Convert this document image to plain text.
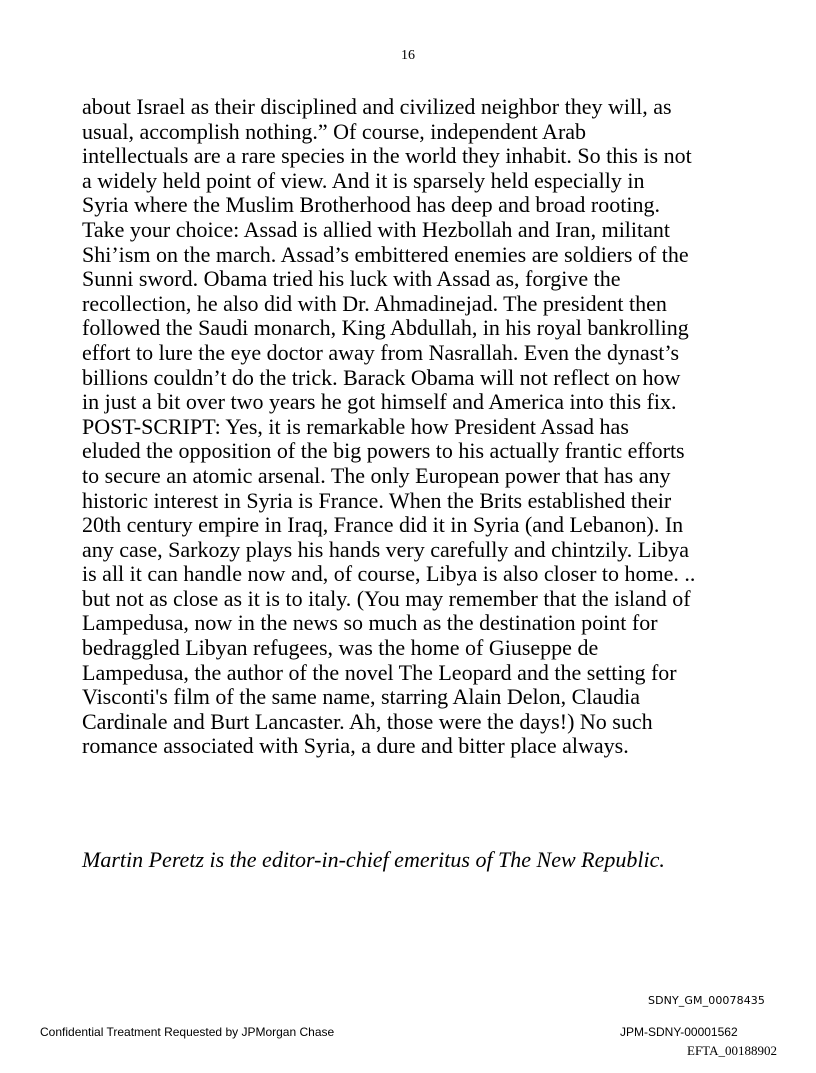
16
about Israel as their disciplined and civilized neighbor they will, as
usual, accomplish nothing.” Of course, independent Arab
intellectuals are a rare species in the world they inhabit. So this is not
a widely held point of view. And it is sparsely held especially in
Syria where the Muslim Brotherhood has deep and broad rooting.
Take your choice: Assad is allied with Hezbollah and Iran, militant
Shi’ism on the march. Assad’s embittered enemies are soldiers of the
Sunni sword. Obama tried his luck with Assad as, forgive the
recollection, he also did with Dr. Ahmadinejad. The president then
followed the Saudi monarch, King Abdullah, in his royal bankrolling
effort to lure the eye doctor away from Nasrallah. Even the dynast’s
billions couldn’t do the trick. Barack Obama will not reflect on how
in just a bit over two years he got himself and America into this fix.
POST-SCRIPT: Yes, it is remarkable how President Assad has
eluded the opposition of the big powers to his actually frantic efforts
to secure an atomic arsenal. The only European power that has any
historic interest in Syria is France. When the Brits established their
20th century empire in Iraq, France did it in Syria (and Lebanon). In
any case, Sarkozy plays his hands very carefully and chintzily. Libya
is all it can handle now and, of course, Libya is also closer to home. ..
but not as close as it is to italy. (You may remember that the island of
Lampedusa, now in the news so much as the destination point for
bedraggled Libyan refugees, was the home of Giuseppe de
Lampedusa, the author of the novel The Leopard and the setting for
Visconti's film of the same name, starring Alain Delon, Claudia
Cardinale and Burt Lancaster. Ah, those were the days!) No such
romance associated with Syria, a dure and bitter place always.

Martin Peretz is the editor-in-chief emeritus of The New Republic.

SDNY_GM_00078435
Confidential Treatment Requested by JPMorgan Chase	JPM-SDNY-00001562
EFTA_00188902
